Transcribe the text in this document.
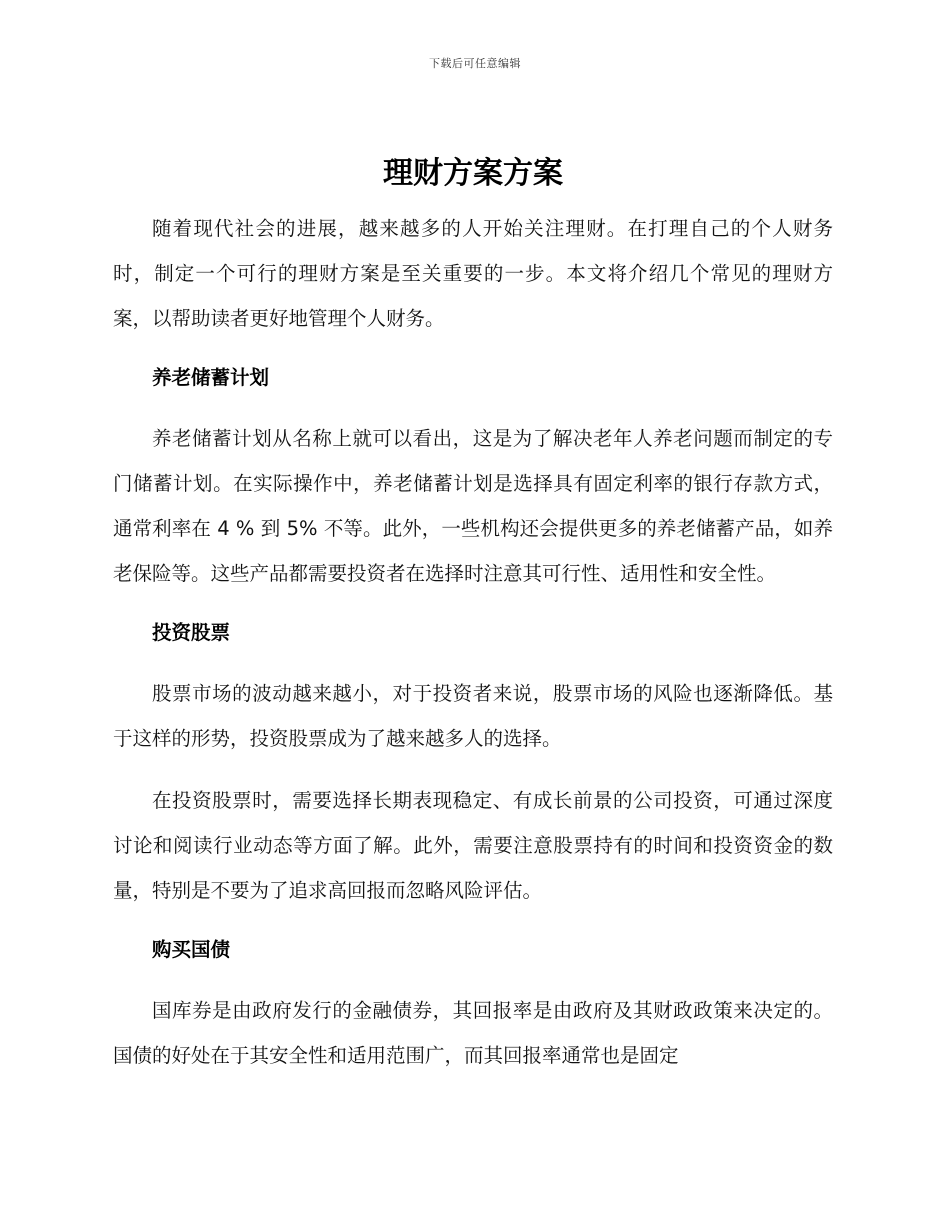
下载后可任意编辑
理财方案方案

随着现代社会的进展，越来越多的人开始关注理财。在打理自己的个人财务时，制定一个可行的理财方案是至关重要的一步。本文将介绍几个常见的理财方案，以帮助读者更好地管理个人财务。

养老储蓄计划

养老储蓄计划从名称上就可以看出，这是为了解决老年人养老问题而制定的专门储蓄计划。在实际操作中，养老储蓄计划是选择具有固定利率的银行存款方式，通常利率在 4 % 到 5% 不等。此外，一些机构还会提供更多的养老储蓄产品，如养老保险等。这些产品都需要投资者在选择时注意其可行性、适用性和安全性。

投资股票

股票市场的波动越来越小，对于投资者来说，股票市场的风险也逐渐降低。基于这样的形势，投资股票成为了越来越多人的选择。

在投资股票时，需要选择长期表现稳定、有成长前景的公司投资，可通过深度讨论和阅读行业动态等方面了解。此外，需要注意股票持有的时间和投资资金的数量，特别是不要为了追求高回报而忽略风险评估。

购买国债

国库券是由政府发行的金融债券，其回报率是由政府及其财政政策来决定的。国债的好处在于其安全性和适用范围广，而其回报率通常也是固定
